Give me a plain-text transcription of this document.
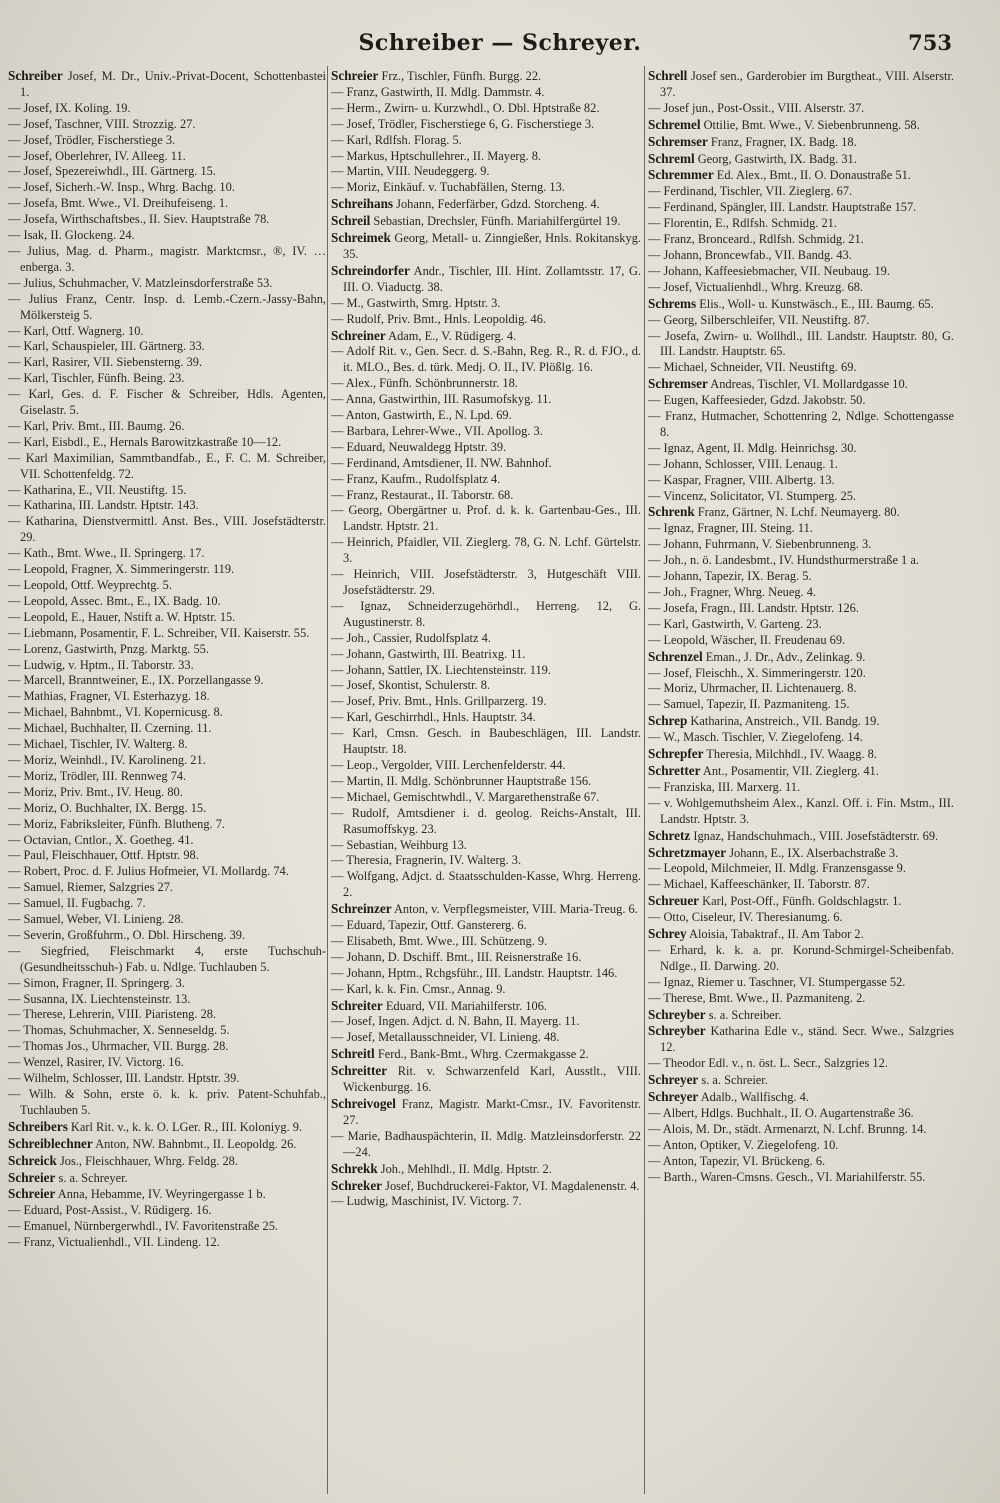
Schreiber — Schreyer.	753
Schreiber Josef, M. Dr., Univ.-Privat-Docent, Schottenbastei 1.
— Josef, IX. Koling. 19.
— Josef, Taschner, VIII. Strozzig. 27.
— Josef, Trödler, Fischerstiege 3.
— Josef, Oberlehrer, IV. Alleeg. 11.
— Josef, Spezereiwhdl., III. Gärtnerg. 15.
— Josef, Sicherh.-W. Insp., Whrg. Bachg. 10.
— Josefa, Bmt. Wwe., VI. Dreihufeiseng. 1.
— Josefa, Wirthschaftsbes., II. Siev. Hauptstraße 78.
— Isak, II. Glockeng. 24.
— Julius, Mag. d. Pharm., magistr. Marktcmsr., ®, IV. …enberga. 3.
— Julius, Schuhmacher, V. Matzleinsdorferstraße 53.
— Julius Franz, Centr. Insp. d. Lemb.-Czern.-Jassy-Bahn, Mölkersteig 5.
— Karl, Ottf. Wagnerg. 10.
— Karl, Schauspieler, III. Gärtnerg. 33.
— Karl, Rasirer, VII. Siebensterng. 39.
— Karl, Tischler, Fünfh. Being. 23.
— Karl, Ges. d. F. Fischer & Schreiber, Hdls. Agenten, Giselastr. 5.
— Karl, Priv. Bmt., III. Baumg. 26.
— Karl, Eisbdl., E., Hernals Barowitzkastraße 10—12.
— Karl Maximilian, Sammtbandfab., E., F. C. M. Schreiber, VII. Schottenfeldg. 72.
— Katharina, E., VII. Neustiftg. 15.
— Katharina, III. Landstr. Hptstr. 143.
— Katharina, Dienstvermittl. Anst. Bes., VIII. Josefstädterstr. 29.
— Kath., Bmt. Wwe., II. Springerg. 17.
— Leopold, Fragner, X. Simmeringerstr. 119.
— Leopold, Ottf. Weyprechtg. 5.
— Leopold, Assec. Bmt., E., IX. Badg. 10.
— Leopold, E., Hauer, Nstift a. W. Hptstr. 15.
— Liebmann, Posamentir, F. L. Schreiber, VII. Kaiserstr. 55.
— Lorenz, Gastwirth, Pnzg. Marktg. 55.
— Ludwig, v. Hptm., II. Taborstr. 33.
— Marcell, Branntweiner, E., IX. Porzellangasse 9.
— Mathias, Fragner, VI. Esterhazyg. 18.
— Michael, Bahnbmt., VI. Kopernicusg. 8.
— Michael, Buchhalter, II. Czerning. 11.
— Michael, Tischler, IV. Walterg. 8.
— Moriz, Weinhdl., IV. Karolineng. 21.
— Moriz, Trödler, III. Rennweg 74.
— Moriz, Priv. Bmt., IV. Heug. 80.
— Moriz, O. Buchhalter, IX. Bergg. 15.
— Moriz, Fabriksleiter, Fünfh. Blutheng. 7.
— Octavian, Cntlor., X. Goetheg. 41.
— Paul, Fleischhauer, Ottf. Hptstr. 98.
— Robert, Proc. d. F. Julius Hofmeier, VI. Mollardg. 74.
— Samuel, Riemer, Salzgries 27.
— Samuel, II. Fugbachg. 7.
— Samuel, Weber, VI. Linieng. 28.
— Severin, Großfuhrm., O. Dbl. Hirscheng. 39.
— Siegfried, Fleischmarkt 4, erste Tuchschuh- (Gesundheitsschuh-) Fab. u. Ndlge. Tuchlauben 5.
— Simon, Fragner, II. Springerg. 3.
— Susanna, IX. Liechtensteinstr. 13.
— Therese, Lehrerin, VIII. Piaristeng. 28.
— Thomas, Schuhmacher, X. Senneseldg. 5.
— Thomas Jos., Uhrmacher, VII. Burgg. 28.
— Wenzel, Rasirer, IV. Victorg. 16.
— Wilhelm, Schlosser, III. Landstr. Hptstr. 39.
— Wilh. & Sohn, erste ö. k. k. priv. Patent-Schuhfab., Tuchlauben 5.
Schreibers Karl Rit. v., k. k. O. LGer. R., III. Koloniyg. 9.
Schreiblechner Anton, NW. Bahnbmt., II. Leopoldg. 26.
Schreick Jos., Fleischhauer, Whrg. Feldg. 28.
Schreier s. a. Schreyer.
Schreier Anna, Hebamme, IV. Weyringergasse 1 b.
— Eduard, Post-Assist., V. Rüdigerg. 16.
— Emanuel, Nürnbergerwhdl., IV. Favoritenstraße 25.
— Franz, Victualienhdl., VII. Lindeng. 12.
Schreier Frz., Tischler, Fünfh. Burgg. 22.
— Franz, Gastwirth, II. Mdlg. Dammstr. 4.
— Herm., Zwirn- u. Kurzwhdl., O. Dbl. Hptstraße 82.
— Josef, Trödler, Fischerstiege 6, G. Fischerstiege 3.
— Karl, Rdlfsh. Florag. 5.
— Markus, Hptschullehrer., II. Mayerg. 8.
— Martin, VIII. Neudeggerg. 9.
— Moriz, Einkäuf. v. Tuchabfällen, Sterng. 13.
Schreihans Johann, Federfärber, Gdzd. Storcheng. 4.
Schreil Sebastian, Drechsler, Fünfh. Mariahilfergürtel 19.
Schreimek Georg, Metall- u. Zinngießer, Hnls. Rokitanskyg. 35.
Schreindorfer Andr., Tischler, III. Hint. Zollamtsstr. 17, G. III. O. Viaductg. 38.
— M., Gastwirth, Smrg. Hptstr. 3.
— Rudolf, Priv. Bmt., Hnls. Leopoldig. 46.
Schreiner Adam, E., V. Rüdigerg. 4.
— Adolf Rit. v., Gen. Secr. d. S.-Bahn, Reg. R., R. d. FJO., d. it. MLO., Bes. d. türk. Medj. O. II., IV. Plößlg. 16.
— Alex., Fünfh. Schönbrunnerstr. 18.
— Anna, Gastwirthin, III. Rasumofskyg. 11.
— Anton, Gastwirth, E., N. Lpd. 69.
— Barbara, Lehrer-Wwe., VII. Apollog. 3.
— Eduard, Neuwaldegg Hptstr. 39.
— Ferdinand, Amtsdiener, II. NW. Bahnhof.
— Franz, Kaufm., Rudolfsplatz 4.
— Franz, Restaurat., II. Taborstr. 68.
— Georg, Obergärtner u. Prof. d. k. k. Gartenbau-Ges., III. Landstr. Hptstr. 21.
— Heinrich, Pfaidler, VII. Zieglerg. 78, G. N. Lchf. Gürtelstr. 3.
— Heinrich, VIII. Josefstädterstr. 3, Hutgeschäft VIII. Josefstädterstr. 29.
— Ignaz, Schneiderzugehörhdl., Herreng. 12, G. Augustinerstr. 8.
— Joh., Cassier, Rudolfsplatz 4.
— Johann, Gastwirth, III. Beatrixg. 11.
— Johann, Sattler, IX. Liechtensteinstr. 119.
— Josef, Skontist, Schulerstr. 8.
— Josef, Priv. Bmt., Hnls. Grillparzerg. 19.
— Karl, Geschirrhdl., Hnls. Hauptstr. 34.
— Karl, Cmsn. Gesch. in Baubeschlägen, III. Landstr. Hauptstr. 18.
— Leop., Vergolder, VIII. Lerchenfelderstr. 44.
— Martin, II. Mdlg. Schönbrunner Hauptstraße 156.
— Michael, Gemischtwhdl., V. Margarethenstraße 67.
— Rudolf, Amtsdiener i. d. geolog. Reichs-Anstalt, III. Rasumoffskyg. 23.
— Sebastian, Weihburg 13.
— Theresia, Fragnerin, IV. Walterg. 3.
— Wolfgang, Adjct. d. Staatsschulden-Kasse, Whrg. Herreng. 2.
Schreinzer Anton, v. Verpflegsmeister, VIII. Maria-Treug. 6.
— Eduard, Tapezir, Ottf. Ganstererg. 6.
— Elisabeth, Bmt. Wwe., III. Schützeng. 9.
— Johann, D. Dschiff. Bmt., III. Reisnerstraße 16.
— Johann, Hptm., Rchgsführ., III. Landstr. Hauptstr. 146.
— Karl, k. k. Fin. Cmsr., Annag. 9.
Schreiter Eduard, VII. Mariahilferstr. 106.
— Josef, Ingen. Adjct. d. N. Bahn, II. Mayerg. 11.
— Josef, Metallausschneider, VI. Linieng. 48.
Schreitl Ferd., Bank-Bmt., Whrg. Czermakgasse 2.
Schreitter Rit. v. Schwarzenfeld Karl, Ausstlt., VIII. Wickenburgg. 16.
Schreivogel Franz, Magistr. Markt-Cmsr., IV. Favoritenstr. 27.
— Marie, Badhauspächterin, II. Mdlg. Matzleinsdorferstr. 22—24.
Schrekk Joh., Mehlhdl., II. Mdlg. Hptstr. 2.
Schreker Josef, Buchdruckerei-Faktor, VI. Magdalenenstr. 4.
— Ludwig, Maschinist, IV. Victorg. 7.
Schrell Josef sen., Garderobier im Burgtheat., VIII. Alserstr. 37.
— Josef jun., Post-Ossit., VIII. Alserstr. 37.
Schremel Ottilie, Bmt. Wwe., V. Siebenbrunneng. 58.
Schremser Franz, Fragner, IX. Badg. 18.
Schreml Georg, Gastwirth, IX. Badg. 31.
Schremmer Ed. Alex., Bmt., II. O. Donaustraße 51.
— Ferdinand, Tischler, VII. Zieglerg. 67.
— Ferdinand, Spängler, III. Landstr. Hauptstraße 157.
— Florentin, E., Rdlfsh. Schmidg. 21.
— Franz, Bronceard., Rdlfsh. Schmidg. 21.
— Johann, Broncewfab., VII. Bandg. 43.
— Johann, Kaffeesiebmacher, VII. Neubaug. 19.
— Josef, Victualienhdl., Whrg. Kreuzg. 68.
Schrems Elis., Woll- u. Kunstwäsch., E., III. Baumg. 65.
— Georg, Silberschleifer, VII. Neustiftg. 87.
— Josefa, Zwirn- u. Wollhdl., III. Landstr. Hauptstr. 80, G. III. Landstr. Hauptstr. 65.
— Michael, Schneider, VII. Neustiftg. 69.
Schremser Andreas, Tischler, VI. Mollardgasse 10.
— Eugen, Kaffeesieder, Gdzd. Jakobstr. 50.
— Franz, Hutmacher, Schottenring 2, Ndlge. Schottengasse 8.
— Ignaz, Agent, II. Mdlg. Heinrichsg. 30.
— Johann, Schlosser, VIII. Lenaug. 1.
— Kaspar, Fragner, VIII. Albertg. 13.
— Vincenz, Solicitator, VI. Stumperg. 25.
Schrenk Franz, Gärtner, N. Lchf. Neumayerg. 80.
— Ignaz, Fragner, III. Steing. 11.
— Johann, Fuhrmann, V. Siebenbrunneng. 3.
— Joh., n. ö. Landesbmt., IV. Hundsthurmerstraße 1 a.
— Johann, Tapezir, IX. Berag. 5.
— Joh., Fragner, Whrg. Neueg. 4.
— Josefa, Fragn., III. Landstr. Hptstr. 126.
— Karl, Gastwirth, V. Garteng. 23.
— Leopold, Wäscher, II. Freudenau 69.
Schrenzel Eman., J. Dr., Adv., Zelinkag. 9.
— Josef, Fleischh., X. Simmeringerstr. 120.
— Moriz, Uhrmacher, II. Lichtenauerg. 8.
— Samuel, Tapezir, II. Pazmaniteng. 15.
Schrep Katharina, Anstreich., VII. Bandg. 19.
— W., Masch. Tischler, V. Ziegelofeng. 14.
Schrepfer Theresia, Milchhdl., IV. Waagg. 8.
Schretter Ant., Posamentir, VII. Zieglerg. 41.
— Franziska, III. Marxerg. 11.
— v. Wohlgemuthsheim Alex., Kanzl. Off. i. Fin. Mstm., III. Landstr. Hptstr. 3.
Schretz Ignaz, Handschuhmach., VIII. Josefstädterstr. 69.
Schretzmayer Johann, E., IX. Alserbachstraße 3.
— Leopold, Milchmeier, II. Mdlg. Franzensgasse 9.
— Michael, Kaffeeschänker, II. Taborstr. 87.
Schreuer Karl, Post-Off., Fünfh. Goldschlagstr. 1.
— Otto, Ciseleur, IV. Theresianumg. 6.
Schrey Aloisia, Tabaktraf., II. Am Tabor 2.
— Erhard, k. k. a. pr. Korund-Schmirgel-Scheibenfab. Ndlge., II. Darwing. 20.
— Ignaz, Riemer u. Taschner, VI. Stumpergasse 52.
— Therese, Bmt. Wwe., II. Pazmaniteng. 2.
Schreyber s. a. Schreiber.
Schreyber Katharina Edle v., ständ. Secr. Wwe., Salzgries 12.
— Theodor Edl. v., n. öst. L. Secr., Salzgries 12.
Schreyer s. a. Schreier.
Schreyer Adalb., Wallfischg. 4.
— Albert, Hdlgs. Buchhalt., II. O. Augartenstraße 36.
— Alois, M. Dr., städt. Armenarzt, N. Lchf. Brunng. 14.
— Anton, Optiker, V. Ziegelofeng. 10.
— Anton, Tapezir, VI. Brückeng. 6.
— Barth., Waren-Cmsns. Gesch., VI. Mariahilferstr. 55.
